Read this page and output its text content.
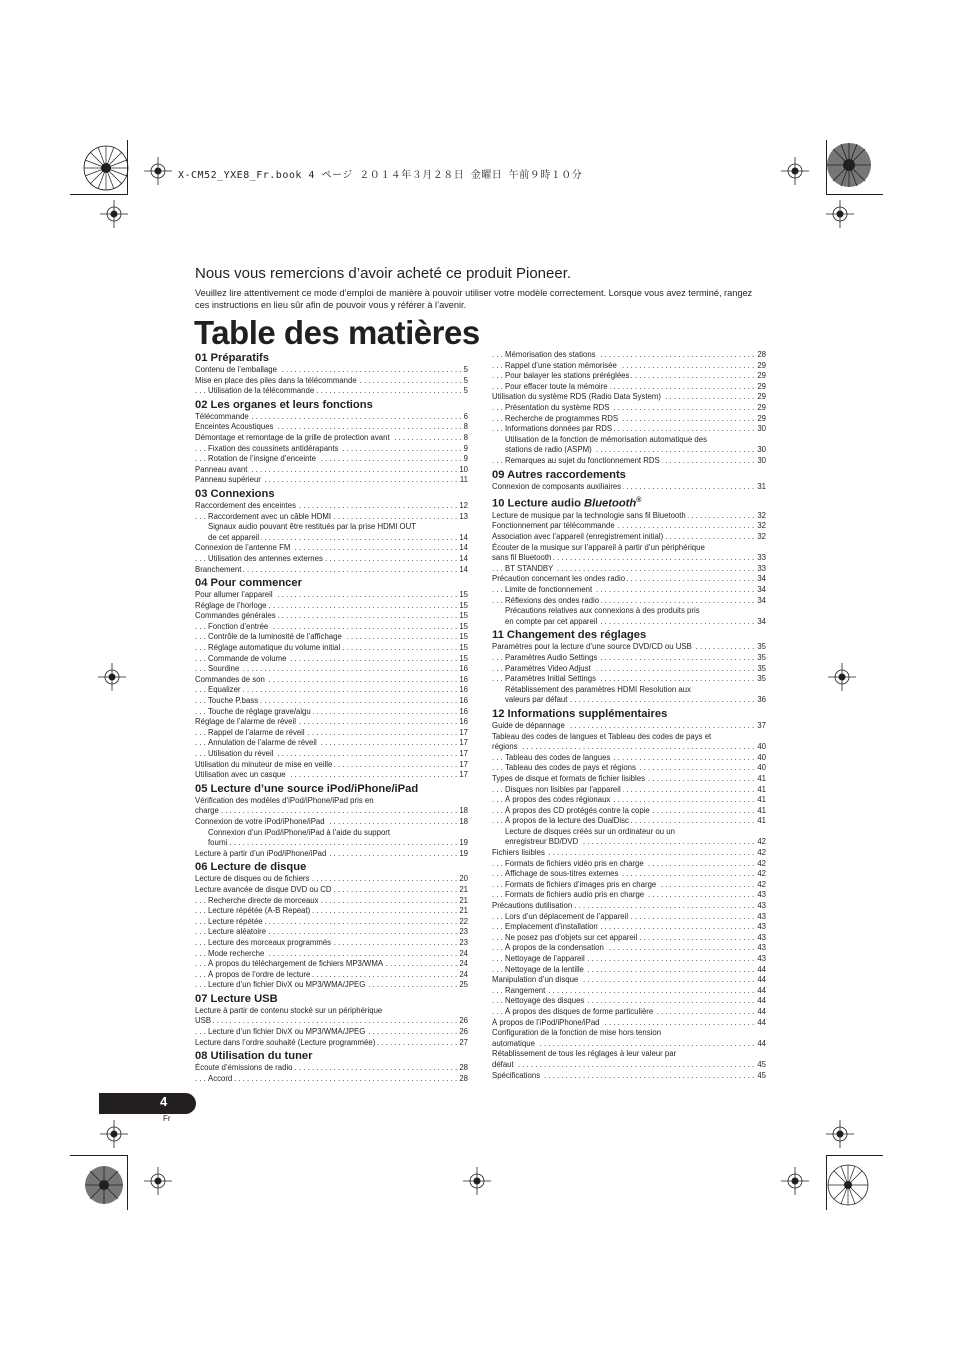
X-CM52_YXE8_Fr.book 4 ページ ２０１４年３月２８日 金曜日 午前９時１０分
Nous vous remercions d’avoir acheté ce produit Pioneer.

Veuillez lire attentivement ce mode d’emploi de manière à pouvoir utiliser votre modèle correctement. Lorsque vous avez terminé, rangez ces instructions en lieu sûr afin de pouvoir vous y référer à l’avenir.

Table des matières
01 Préparatifs
Contenu de l’emballage	5
. . .
Mise en place des piles dans la télécommande	5
. . .
Utilisation de la télécommande	5
. . .
02 Les organes et leurs fonctions
Télécommande	6
. . .
Enceintes Acoustiques	8
. . .
Démontage et remontage de la grille de protection avant	8
. . .
Fixation des coussinets antidérapants	9
. . .
Rotation de l’insigne d’enceinte	9
. . .
Panneau avant	10
. . .
Panneau supérieur	11
. . .
03 Connexions
Raccordement des enceintes	12
. . .
Raccordement avec un câble HDMI	13
. . .
Signaux audio pouvant être restitués par la prise HDMI OUT
de cet appareil	14
. . .
Connexion de l’antenne FM	14
. . .
Utilisation des antennes externes	14
. . .
Branchement	14
. . .
04 Pour commencer
Pour allumer l’appareil	15
. . .
Réglage de l’horloge	15
. . .
Commandes générales	15
. . .
Fonction d’entrée	15
. . .
Contrôle de la luminosité de l’affichage	15
. . .
Réglage automatique du volume initial	15
. . .
Commande de volume	15
. . .
Sourdine	16
. . .
Commandes de son	16
. . .
Equalizer	16
. . .
Touche P.bass	16
. . .
Touche de réglage grave/aigu	16
. . .
Réglage de l’alarme de réveil	16
. . .
Rappel de l’alarme de réveil	17
. . .
Annulation de l’alarme de réveil	17
. . .
Utilisation du réveil	17
. . .
Utilisation du minuteur de mise en veille	17
. . .
Utilisation avec un casque	17
. . .
05 Lecture d’une source iPod/iPhone/iPad
Vérification des modèles d’iPod/iPhone/iPad pris en
charge	18
. . .
Connexion de votre iPod/iPhone/iPad	18
. . .
Connexion d’un iPod/iPhone/iPad à l’aide du support
fourni	19
. . .
Lecture à partir d’un iPod/iPhone/iPad	19
. . .
06 Lecture de disque
Lecture de disques ou de fichiers	20
. . .
Lecture avancée de disque DVD ou CD	21
. . .
Recherche directe de morceaux	21
. . .
Lecture répétée (A-B Repeat)	21
. . .
Lecture répétée	22
. . .
Lecture aléatoire	23
. . .
Lecture des morceaux programmés	23
. . .
Mode recherche	24
. . .
À propos du téléchargement de fichiers MP3/WMA	24
. . .
À propos de l’ordre de lecture	24
. . .
Lecture d’un fichier DivX ou MP3/WMA/JPEG	25
. . .
07 Lecture USB
Lecture à partir de contenu stocké sur un périphérique
USB	26
. . .
Lecture d’un fichier DivX ou MP3/WMA/JPEG	26
. . .
Lecture dans l’ordre souhaité (Lecture programmée)	27
. . .
08 Utilisation du tuner
Écoute d’émissions de radio	28
. . .
Accord	28
. . .
Mémorisation des stations	28
. . .
Rappel d’une station mémorisée	29
. . .
Pour balayer les stations préréglées	29
. . .
Pour effacer toute la mémoire	29
. . .
Utilisation du système RDS (Radio Data System)	29
. . .
Présentation du système RDS	29
. . .
Recherche de programmes RDS	29
. . .
Informations données par RDS	30
. . .
Utilisation de la fonction de mémorisation automatique des
stations de radio (ASPM)	30
. . .
Remarques au sujet du fonctionnement RDS	30
. . .
09 Autres raccordements
Connexion de composants auxiliaires	31
. . .
10 Lecture audio Bluetooth®
Lecture de musique par la technologie sans fil Bluetooth	32
. . .
Fonctionnement par télécommande	32
. . .
Association avec l’appareil (enregistrement initial)	32
. . .
Écouter de la musique sur l’appareil à partir d’un périphérique
sans fil Bluetooth	33
. . .
BT STANDBY	33
. . .
Précaution concernant les ondes radio	34
. . .
Limite de fonctionnement	34
. . .
Réflexions des ondes radio	34
. . .
Précautions relatives aux connexions à des produits pris
en compte par cet appareil	34
. . .
11 Changement des réglages
Paramètres pour la lecture d’une source DVD/CD ou USB	35
. . .
Paramètres Audio Settings	35
. . .
Paramètres Video Adjust	35
. . .
Paramètres Initial Settings	35
. . .
Rétablissement des paramètres HDMI Resolution aux
valeurs par défaut	36
. . .
12 Informations supplémentaires
Guide de dépannage	37
. . .
Tableau des codes de langues et Tableau des codes de pays et
régions	40
. . .
Tableau des codes de langues	40
. . .
Tableau des codes de pays et régions	40
. . .
Types de disque et formats de fichier lisibles	41
. . .
Disques non lisibles par l’appareil	41
. . .
À propos des codes régionaux	41
. . .
À propos des CD protégés contre la copie	41
. . .
À propos de la lecture des DualDisc	41
. . .
Lecture de disques créés sur un ordinateur ou un
enregistreur BD/DVD	42
. . .
Fichiers lisibles	42
. . .
Formats de fichiers vidéo pris en charge	42
. . .
Affichage de sous-titres externes	42
. . .
Formats de fichiers d’images pris en charge	42
. . .
Formats de fichiers audio pris en charge	43
. . .
Précautions dutilisation	43
. . .
Lors d’un déplacement de l’appareil	43
. . .
Emplacement d’installation	43
. . .
Ne posez pas d’objets sur cet appareil	43
. . .
À propos de la condensation	43
. . .
Nettoyage de l’appareil	43
. . .
Nettoyage de la lentille	44
. . .
Manipulation d’un disque	44
. . .
Rangement	44
. . .
Nettoyage des disques	44
. . .
À propos des disques de forme particulière	44
. . .
À propos de l’iPod/iPhone/iPad	44
. . .
Configuration de la fonction de mise hors tension
automatique	44
. . .
Rétablissement de tous les réglages à leur valeur par
défaut	45
. . .
Spécifications	45
. . .
4
Fr
